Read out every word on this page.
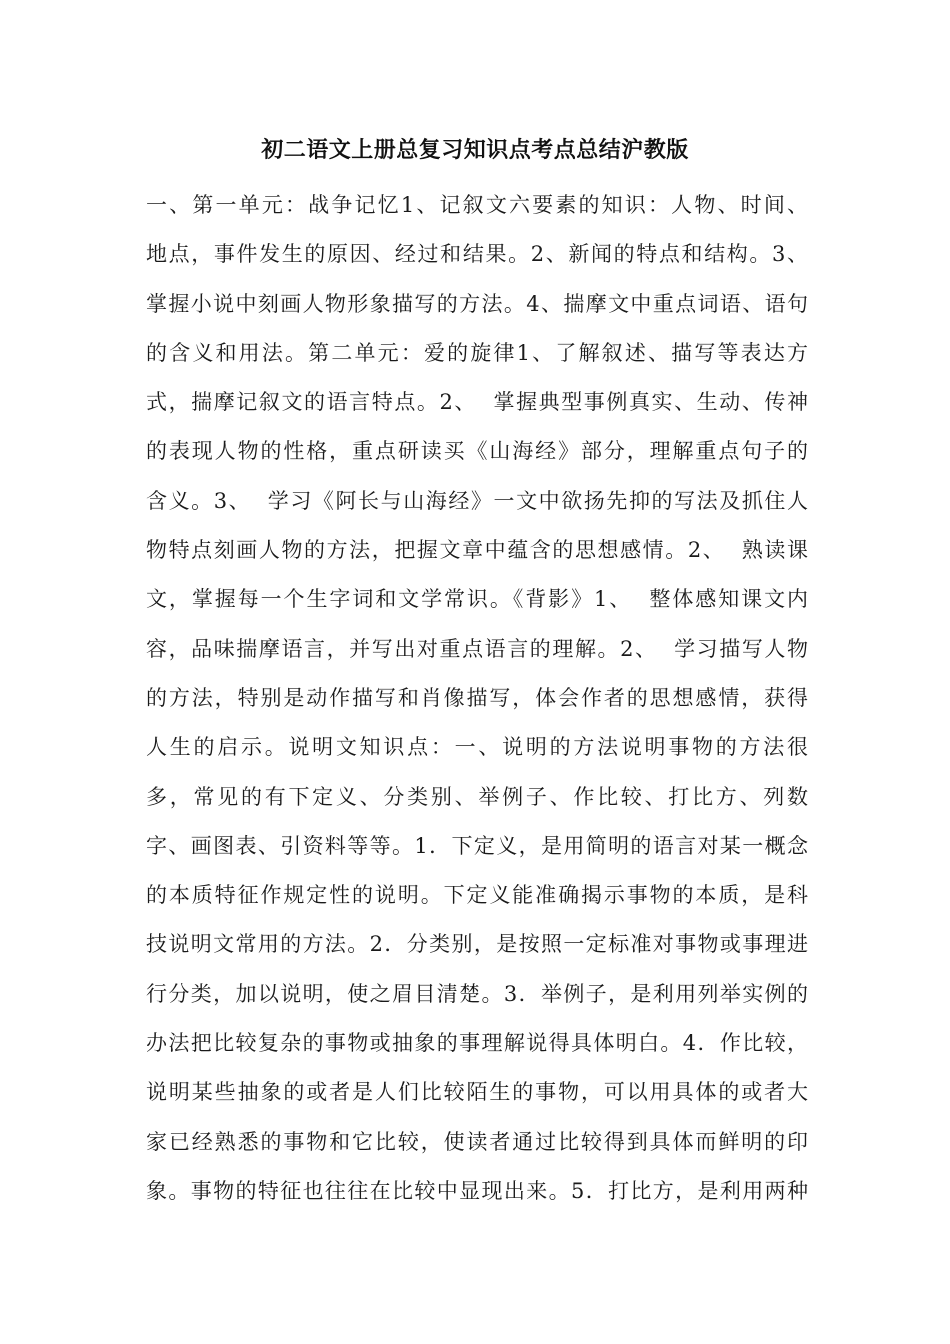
初二语文上册总复习知识点考点总结沪教版
一、第一单元：战争记忆1、记叙文六要素的知识：人物、时间、
地点，事件发生的原因、经过和结果。2、新闻的特点和结构。3、
掌握小说中刻画人物形象描写的方法。4、揣摩文中重点词语、语句
的含义和用法。第二单元：爱的旋律1、了解叙述、描写等表达方
式，揣摩记叙文的语言特点。2、  掌握典型事例真实、生动、传神
的表现人物的性格，重点研读买《山海经》部分，理解重点句子的
含义。3、  学习《阿长与山海经》一文中欲扬先抑的写法及抓住人
物特点刻画人物的方法，把握文章中蕴含的思想感情。2、  熟读课
文，掌握每一个生字词和文学常识。《背影》1、  整体感知课文内
容，品味揣摩语言，并写出对重点语言的理解。2、  学习描写人物
的方法，特别是动作描写和肖像描写，体会作者的思想感情，获得
人生的启示。说明文知识点：一、说明的方法说明事物的方法很
多，常见的有下定义、分类别、举例子、作比较、打比方、列数
字、画图表、引资料等等。1．下定义，是用简明的语言对某一概念
的本质特征作规定性的说明。下定义能准确揭示事物的本质，是科
技说明文常用的方法。2．分类别，是按照一定标准对事物或事理进
行分类，加以说明，使之眉目清楚。3．举例子，是利用列举实例的
办法把比较复杂的事物或抽象的事理解说得具体明白。4．作比较，
说明某些抽象的或者是人们比较陌生的事物，可以用具体的或者大
家已经熟悉的事物和它比较，使读者通过比较得到具体而鲜明的印
象。事物的特征也往往在比较中显现出来。5．打比方，是利用两种
